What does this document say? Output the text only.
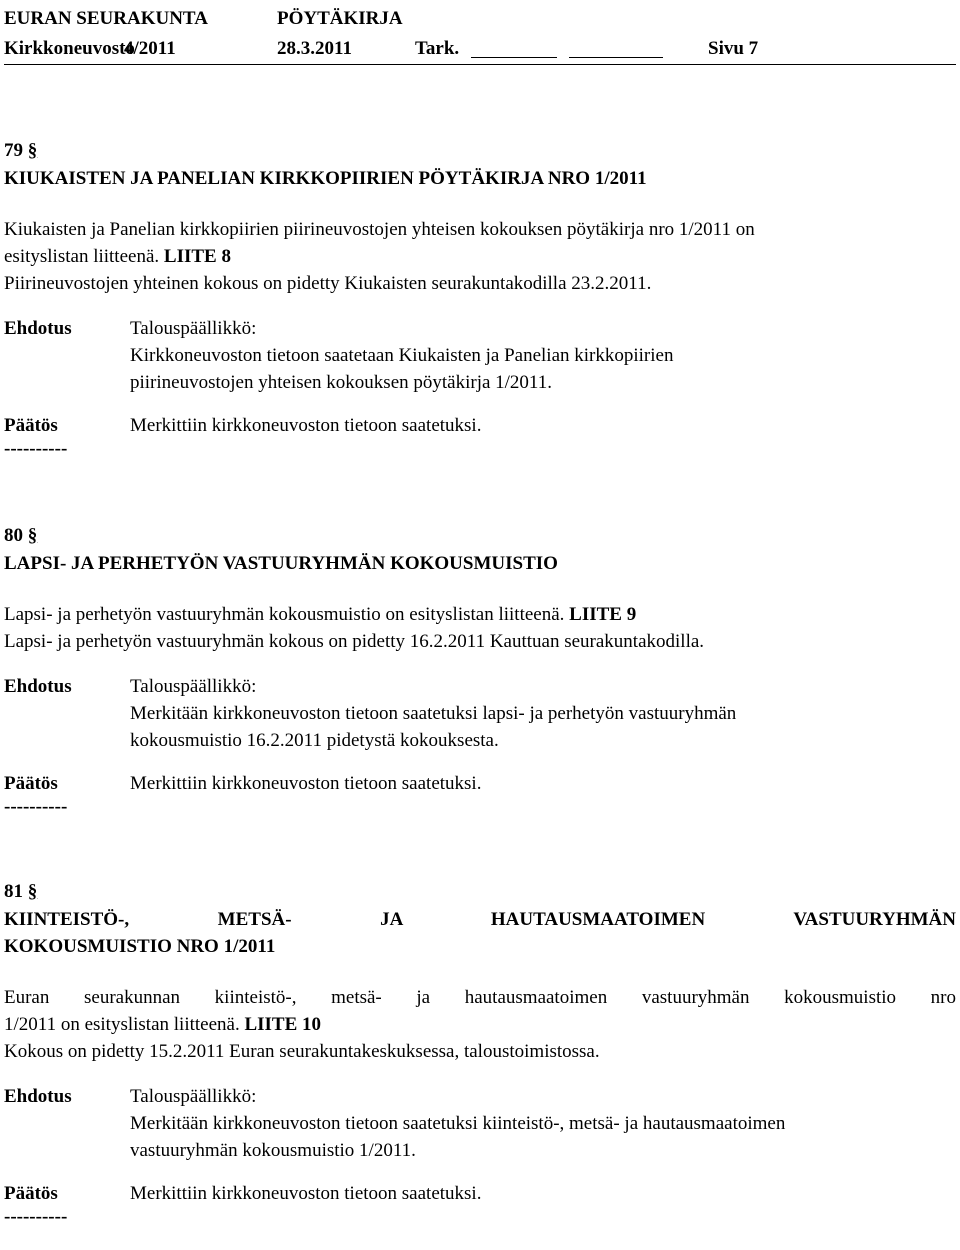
EURAN SEURAKUNTA	PÖYTÄKIRJA
Kirkkoneuvosto
4/2011	28.3.2011	Tark.	Sivu 7
79 §
KIUKAISTEN JA PANELIAN KIRKKOPIIRIEN PÖYTÄKIRJA NRO 1/2011
Kiukaisten ja Panelian kirkkopiirien piirineuvostojen yhteisen kokouksen pöytäkirja nro 1/2011 on
esityslistan liitteenä. LIITE 8
Piirineuvostojen yhteinen kokous on pidetty Kiukaisten seurakuntakodilla 23.2.2011.
Ehdotus	Talouspäällikkö:
Kirkkoneuvoston tietoon saatetaan Kiukaisten ja Panelian kirkkopiirien
piirineuvostojen yhteisen kokouksen pöytäkirja 1/2011.
Päätös	Merkittiin kirkkoneuvoston tietoon saatetuksi.
----------
80 §
LAPSI- JA PERHETYÖN VASTUURYHMÄN KOKOUSMUISTIO
Lapsi- ja perhetyön vastuuryhmän kokousmuistio on esityslistan liitteenä. LIITE 9
Lapsi- ja perhetyön vastuuryhmän kokous on pidetty 16.2.2011 Kauttuan seurakuntakodilla.
Ehdotus	Talouspäällikkö:
Merkitään kirkkoneuvoston tietoon saatetuksi lapsi- ja perhetyön vastuuryhmän
kokousmuistio 16.2.2011 pidetystä kokouksesta.
Päätös	Merkittiin kirkkoneuvoston tietoon saatetuksi.
----------
81 §
KIINTEISTÖ-, METSÄ- JA HAUTAUSMAATOIMEN VASTUURYHMÄN
KOKOUSMUISTIO NRO 1/2011
Euran seurakunnan kiinteistö-, metsä- ja hautausmaatoimen vastuuryhmän kokousmuistio nro
1/2011 on esityslistan liitteenä. LIITE 10
Kokous on pidetty 15.2.2011 Euran seurakuntakeskuksessa, taloustoimistossa.
Ehdotus	Talouspäällikkö:
Merkitään kirkkoneuvoston tietoon saatetuksi kiinteistö-, metsä- ja hautausmaatoimen
vastuuryhmän kokousmuistio 1/2011.
Päätös	Merkittiin kirkkoneuvoston tietoon saatetuksi.
----------
